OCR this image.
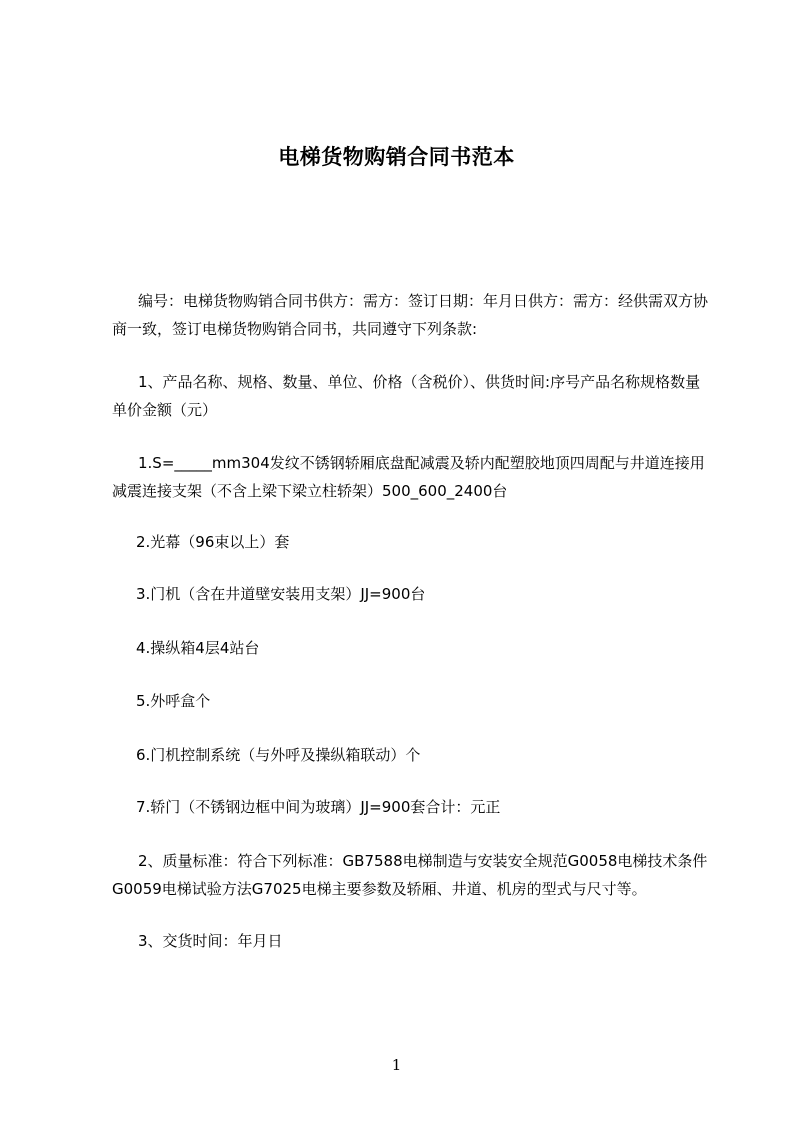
电梯货物购销合同书范本
编号：电梯货物购销合同书供方：需方：签订日期：年月日供方：需方：经供需双方协商一致，签订电梯货物购销合同书，共同遵守下列条款:
1、产品名称、规格、数量、单位、价格（含税价）、供货时间:序号产品名称规格数量单价金额（元）
1.S=_____mm304发纹不锈钢轿厢底盘配减震及轿内配塑胶地顶四周配与井道连接用减震连接支架（不含上梁下梁立柱轿架）500_600_2400台
2.光幕（96束以上）套
3.门机（含在井道壁安装用支架）JJ=900台
4.操纵箱4层4站台
5.外呼盒个
6.门机控制系统（与外呼及操纵箱联动）个
7.轿门（不锈钢边框中间为玻璃）JJ=900套合计：元正
2、质量标准：符合下列标准：GB7588电梯制造与安装安全规范G0058电梯技术条件G0059电梯试验方法G7025电梯主要参数及轿厢、井道、机房的型式与尺寸等。
3、交货时间：年月日
1
